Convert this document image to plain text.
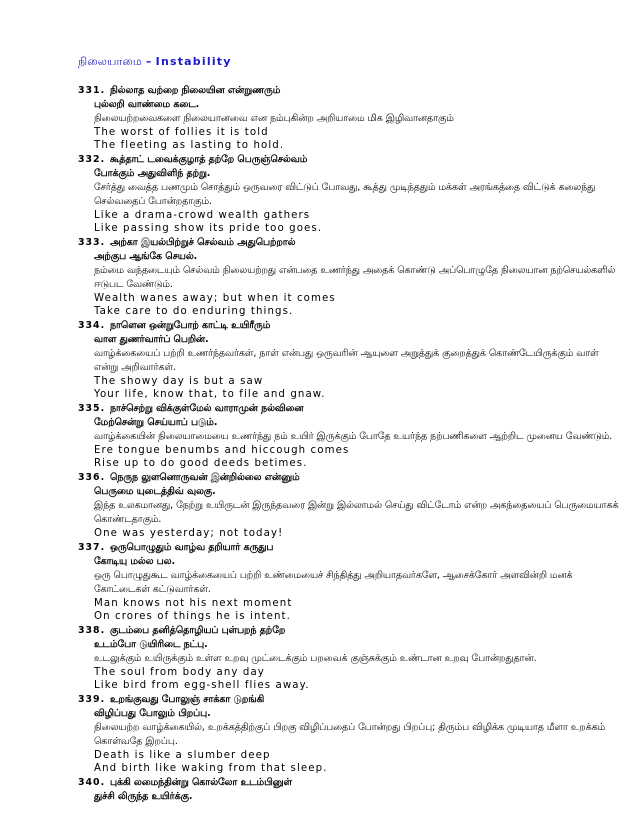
நிலையாமை – Instability
331. நில்லாத வற்றை நிலையின என்றுணரும்
புல்லறி வாண்மை கடை.
நிலையற்றவைகளை நிலையானவை என நம்புகின்ற அறியாமை மிக இழிவானதாகும்
The worst of follies it is told
The fleeting as lasting to hold.
332. கூத்தாட் டவைக்குழாத் தற்றே பெருஞ்செல்வம்
போக்கும் அதுவிளிந் தற்று.
சேர்த்து வைத்த பணமும் சொத்தும் ஒருவரை விட்டுப் போவது, கூத்து முடிந்ததும் மக்கள் அரங்கத்தை விட்டுக் கலைந்து செல்வதைப் போன்றதாகும்.
Like a drama-crowd wealth gathers
Like passing show its pride too goes.
333. அற்கா இயல்பிற்றுச் செல்வம் அதுபெற்றால்
அற்குப ஆங்கே செயல்.
நம்மை வந்தடையும் செல்வம் நிலையற்றது என்பதை உணர்ந்து அதைக் கொண்டு அப்பொழுதே நிலையான நற்செயல்களில் ஈடுபட வேண்டும்.
Wealth wanes away; but when it comes
Take care to do enduring things.
334. நாளென ஒன்றுபோற் காட்டி உயிரீரும்
வாள துணர்வார்ப் பெறின்.
வாழ்க்கையைப் பற்றி உணர்ந்தவர்கள், நாள் என்பது ஒருவரின் ஆயுளை அறுத்துக் குறைத்துக் கொண்டேயிருக்கும் வாள் என்று அறிவார்கள்.
The showy day is but a saw
Your life, know that, to file and gnaw.
335. நாச்செற்று விக்குள்மேல் வாராமுன் நல்வினை
மேற்சென்று செய்யாப் படும்.
வாழ்க்கையின் நிலையாமையை உணர்ந்து நம் உயிர் இருக்கும் போதே உயர்ந்த நற்பணிகளை ஆற்றிட முனைய வேண்டும்.
Ere tongue benumbs and hiccough comes
Rise up to do good deeds betimes.
336. நெருந லுளனொருவன் இன்றில்லை என்னும்
பெருமை யுடைத்திவ் வுலகு.
இந்த உலகமானது, நேற்று உயிருடன் இருந்தவரை இன்று இல்லாமல் செய்து விட்டோம் என்ற அகந்தையைப் பெருமையாகக் கொண்டதாகும்.
One was yesterday; not today!
337. ஒருபொழுதும் வாழ்வ தறியார் கருதுப
கோடியு மல்ல பல.
ஒரு பொழுதுகூட வாழ்க்கையைப் பற்றி உண்மையைச் சிந்தித்து அறியாதவர்களே, ஆசைக்கோர் அளவின்றி மனக் கோட்டைகள் கட்டுவார்கள்.
Man knows not his next moment
On crores of things he is intent.
338. குடம்பை தனித்தொழியப் புள்பறந் தற்றே
உடம்போ டுயிரிடை நட்பு.
உடலுக்கும் உயிருக்கும் உள்ள உறவு முட்டைக்கும் பறவைக் குஞ்சுக்கும் உண்டான உறவு போன்றதுதான்.
The soul from body any day
Like bird from egg-shell flies away.
339. உறங்குவது போலுஞ் சாக்கா டுறங்கி
விழிப்பது போலும் பிறப்பு.
நிலையற்ற வாழ்க்கையில், உறக்கத்திற்குப் பிறகு விழிப்பதைப் போன்றது பிறப்பு; திரும்ப விழிக்க முடியாத மீளா உறக்கம் கொள்வதே இறப்பு.
Death is like a slumber deep
And birth like waking from that sleep.
340. புக்கி லமைந்தின்று கொல்லோ உடம்பினுள்
துச்சி லிருந்த உயிர்க்கு.
